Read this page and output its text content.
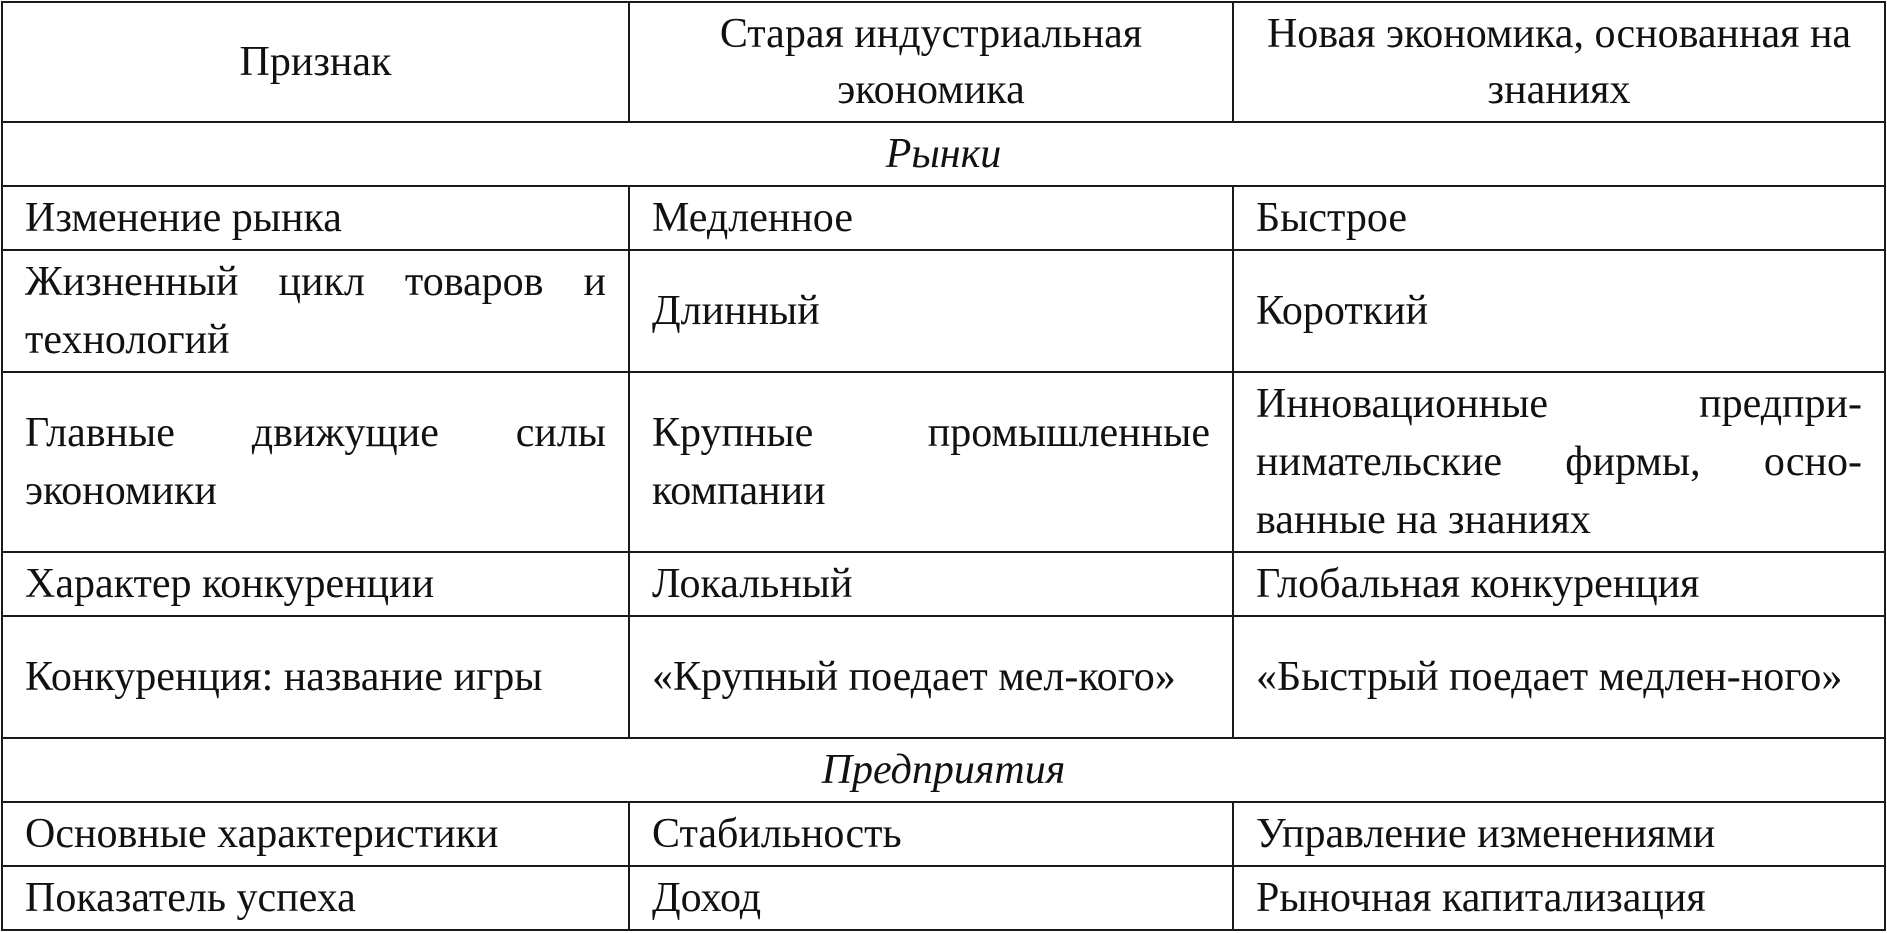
Признак	Старая индустриальная экономика	Новая экономика, основанная на знаниях
Рынки		
Изменение рынка	Медленное	Быстрое
Жизненный цикл товаров и технологий	Длинный	Короткий
Главные движущие силы экономики	Крупные промышленные компании	Инновационные предпри-нимательские фирмы, осно-ванные на знаниях
Характер конкуренции	Локальный	Глобальная конкуренция
Конкуренция: название игры	«Крупный поедает мел-кого»	«Быстрый поедает медлен-ного»
Предприятия		
Основные характеристики	Стабильность	Управление изменениями
Показатель успеха	Доход	Рыночная капитализация
